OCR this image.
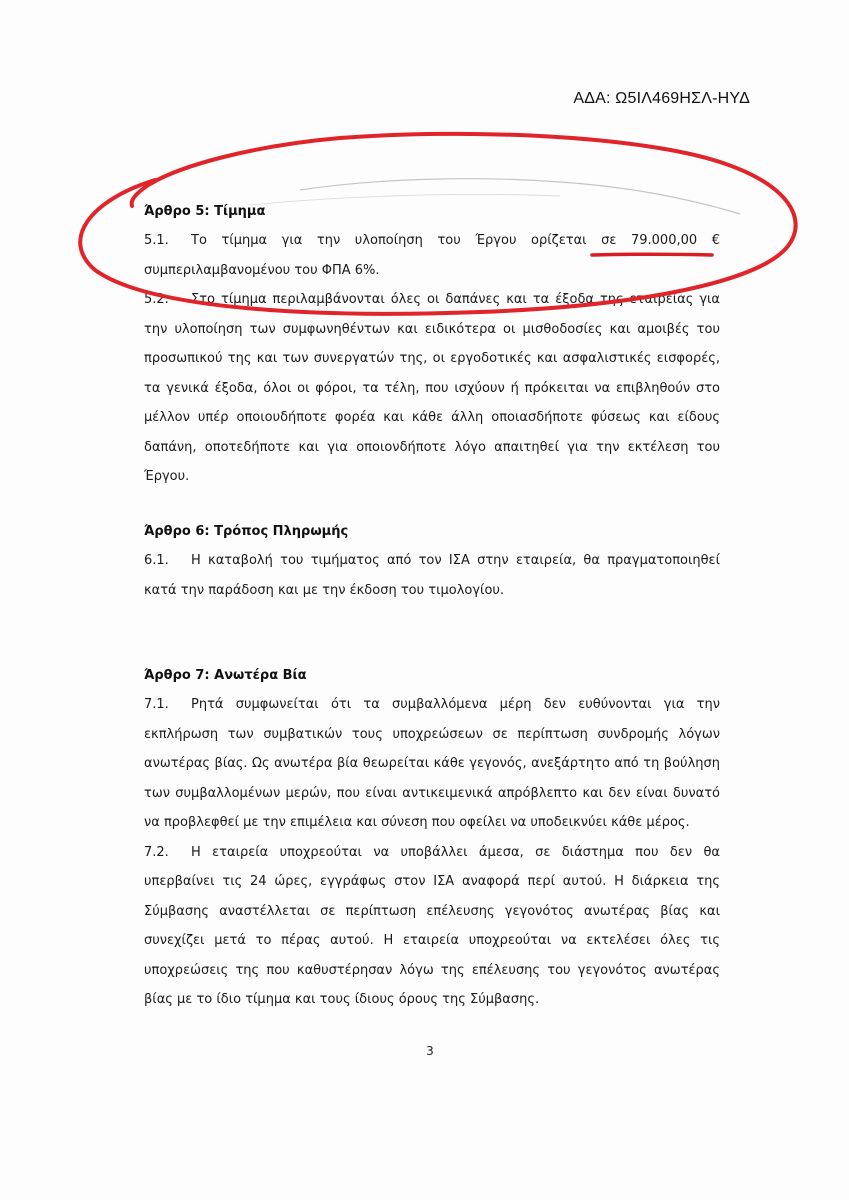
ΑΔΑ: Ω5ΙΛ469ΗΣΛ-ΗΥΔ
Άρθρο 5: Τίμημα

5.1. Το τίμημα για την υλοποίηση του Έργου ορίζεται σε 79.000,00 € συμπεριλαμβανομένου του ΦΠΑ 6%.

5.2. Στο τίμημα περιλαμβάνονται όλες οι δαπάνες και τα έξοδα της εταιρείας για την υλοποίηση των συμφωνηθέντων και ειδικότερα οι μισθοδοσίες και αμοιβές του προσωπικού της και των συνεργατών της, οι εργοδοτικές και ασφαλιστικές εισφορές, τα γενικά έξοδα, όλοι οι φόροι, τα τέλη, που ισχύουν ή πρόκειται να επιβληθούν στο μέλλον υπέρ οποιουδήποτε φορέα και κάθε άλλη οποιασδήποτε φύσεως και είδους δαπάνη, οποτεδήποτε και για οποιονδήποτε λόγο απαιτηθεί για την εκτέλεση του Έργου.

Άρθρο 6: Τρόπος Πληρωμής

6.1. Η καταβολή του τιμήματος από τον ΙΣΑ στην εταιρεία, θα πραγματοποιηθεί κατά την παράδοση και με την έκδοση του τιμολογίου.

Άρθρο 7: Ανωτέρα Βία

7.1. Ρητά συμφωνείται ότι τα συμβαλλόμενα μέρη δεν ευθύνονται για την εκπλήρωση των συμβατικών τους υποχρεώσεων σε περίπτωση συνδρομής λόγων ανωτέρας βίας. Ως ανωτέρα βία θεωρείται κάθε γεγονός, ανεξάρτητο από τη βούληση των συμβαλλομένων μερών, που είναι αντικειμενικά απρόβλεπτο και δεν είναι δυνατό να προβλεφθεί με την επιμέλεια και σύνεση που οφείλει να υποδεικνύει κάθε μέρος.

7.2. Η εταιρεία υποχρεούται να υποβάλλει άμεσα, σε διάστημα που δεν θα υπερβαίνει τις 24 ώρες, εγγράφως στον ΙΣΑ αναφορά περί αυτού. Η διάρκεια της Σύμβασης αναστέλλεται σε περίπτωση επέλευσης γεγονότος ανωτέρας βίας και συνεχίζει μετά το πέρας αυτού. Η εταιρεία υποχρεούται να εκτελέσει όλες τις υποχρεώσεις της που καθυστέρησαν λόγω της επέλευσης του γεγονότος ανωτέρας βίας με το ίδιο τίμημα και τους ίδιους όρους της Σύμβασης.

3
